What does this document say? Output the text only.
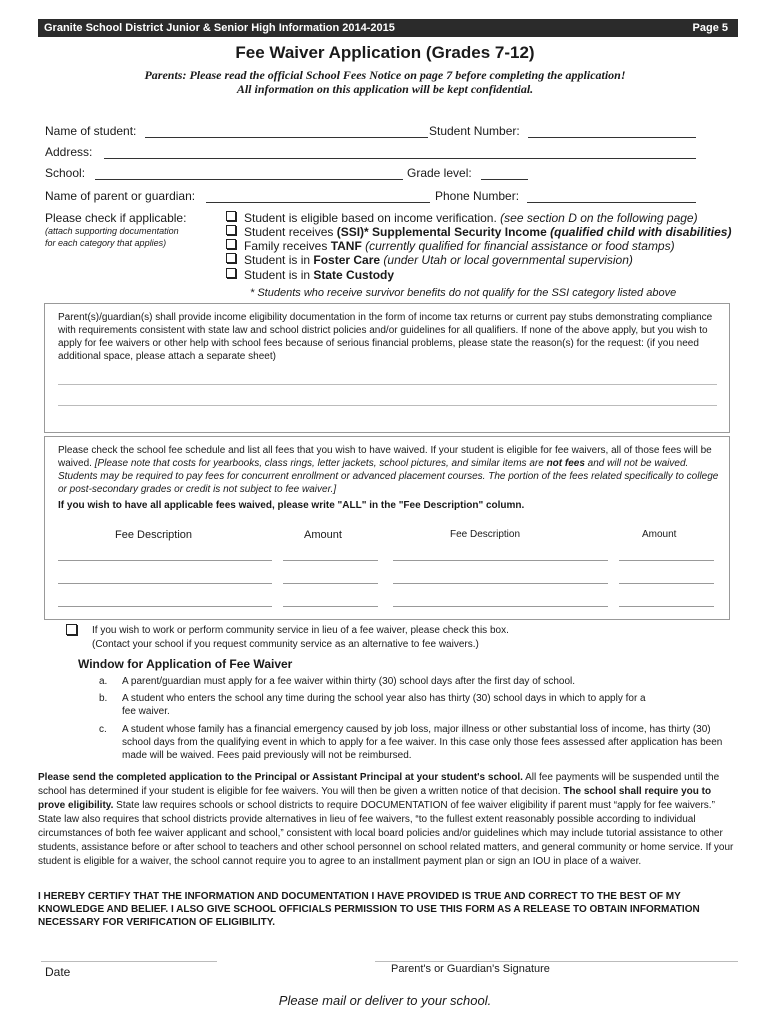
Granite School District Junior & Senior High Information 2014-2015	Page 5
Fee Waiver Application (Grades 7-12)
Parents: Please read the official School Fees Notice on page 7 before completing the application!
All information on this application will be kept confidential.
Name of student:	Student Number:
Address:
School:	Grade level:
Name of parent or guardian:	Phone Number:
Please check if applicable:
(attach supporting documentation
for each category that applies)
Student is eligible based on income verification. (see section D on the following page)
Student receives (SSI)* Supplemental Security Income (qualified child with disabilities)
Family receives TANF (currently qualified for financial assistance or food stamps)
Student is in Foster Care (under Utah or local governmental supervision)
Student is in State Custody
* Students who receive survivor benefits do not qualify for the SSI category listed above
Parent(s)/guardian(s) shall provide income eligibility documentation in the form of income tax returns or current pay stubs demonstrating compliance with requirements consistent with state law and school district policies and/or guidelines for all qualifiers. If none of the above apply, but you wish to apply for fee waivers or other help with school fees because of serious financial problems, please state the reason(s) for the request: (if you need additional space, please attach a separate sheet)
Please check the school fee schedule and list all fees that you wish to have waived. If your student is eligible for fee waivers, all of those fees will be waived. [Please note that costs for yearbooks, class rings, letter jackets, school pictures, and similar items are not fees and will not be waived. Students may be required to pay fees for concurrent enrollment or advanced placement courses. The portion of the fees related specifically to college or post-secondary grades or credit is not subject to fee waiver.]
If you wish to have all applicable fees waived, please write "ALL" in the "Fee Description" column.
Fee Description	Amount	Fee Description	Amount
If you wish to work or perform community service in lieu of a fee waiver, please check this box.
(Contact your school if you request community service as an alternative to fee waivers.)
Window for Application of Fee Waiver
a. A parent/guardian must apply for a fee waiver within thirty (30) school days after the first day of school.
b. A student who enters the school any time during the school year also has thirty (30) school days in which to apply for a fee waiver.
c. A student whose family has a financial emergency caused by job loss, major illness or other substantial loss of income, has thirty (30) school days from the qualifying event in which to apply for a fee waiver. In this case only those fees assessed after application has been made will be waived. Fees paid previously will not be reimbursed.
Please send the completed application to the Principal or Assistant Principal at your student's school. All fee payments will be suspended until the school has determined if your student is eligible for fee waivers. You will then be given a written notice of that decision. The school shall require you to prove eligibility. State law requires schools or school districts to require DOCUMENTATION of fee waiver eligibility if parent must “apply for fee waivers.” State law also requires that school districts provide alternatives in lieu of fee waivers, “to the fullest extent reasonably possible according to individual circumstances of both fee waiver applicant and school,” consistent with local board policies and/or guidelines which may include tutorial assistance to other students, assistance before or after school to teachers and other school personnel on school related matters, and general community or home service. If your student is eligible for a waiver, the school cannot require you to agree to an installment payment plan or sign an IOU in place of a waiver.
I HEREBY CERTIFY THAT THE INFORMATION AND DOCUMENTATION I HAVE PROVIDED IS TRUE AND CORRECT TO THE BEST OF MY KNOWLEDGE AND BELIEF. I ALSO GIVE SCHOOL OFFICIALS PERMISSION TO USE THIS FORM AS A RELEASE TO OBTAIN INFORMATION NECESSARY FOR VERIFICATION OF ELIGIBILITY.
Date	Parent's or Guardian's Signature
Please mail or deliver to your school.
